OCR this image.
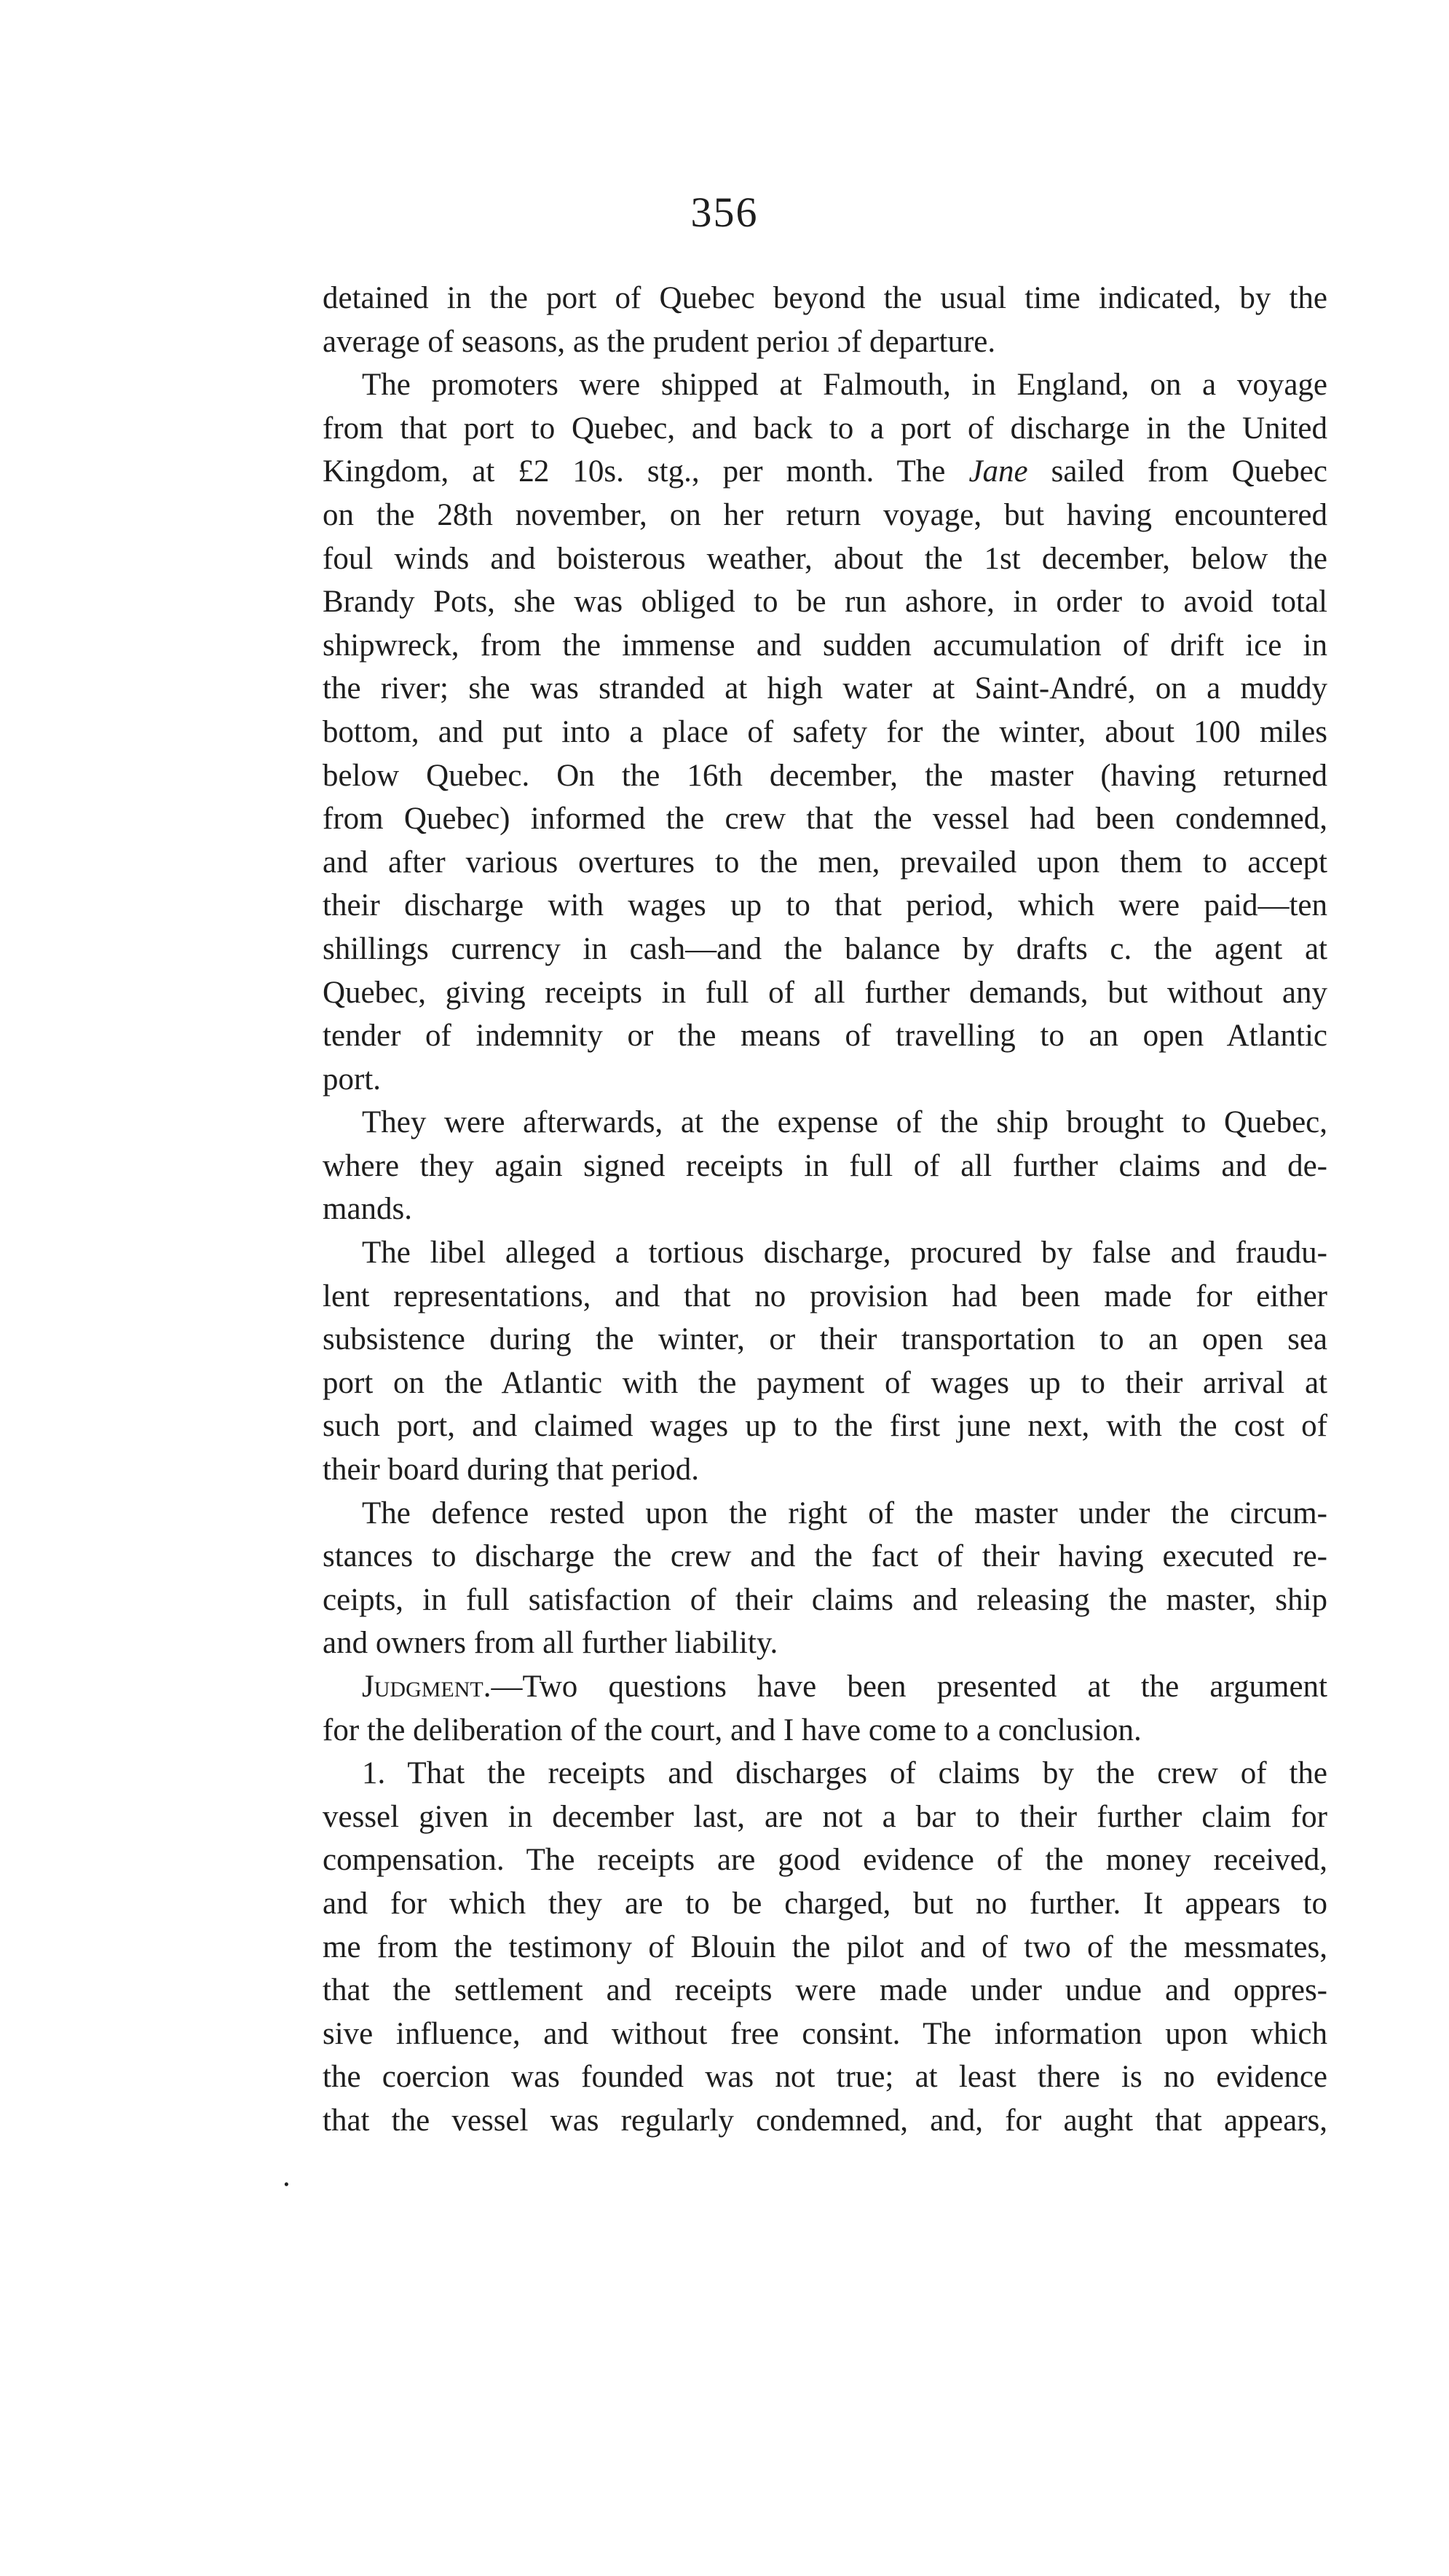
356
detained in the port of Quebec beyond the usual time indicated, by the
average of seasons, as the prudent perioı ɔf departure.
The promoters were shipped at Falmouth, in England, on a voyage
from that port to Quebec, and back to a port of discharge in the United
Kingdom, at £2 10s. stg., per month. The Jane sailed from Quebec
on the 28th november, on her return voyage, but having encountered
foul winds and boisterous weather, about the 1st december, below the
Brandy Pots, she was obliged to be run ashore, in order to avoid total
shipwreck, from the immense and sudden accumulation of drift ice in
the river; she was stranded at high water at Saint-André, on a muddy
bottom, and put into a place of safety for the winter, about 100 miles
below Quebec. On the 16th december, the master (having returned
from Quebec) informed the crew that the vessel had been condemned,
and after various overtures to the men, prevailed upon them to accept
their discharge with wages up to that period, which were paid—ten
shillings currency in cash—and the balance by drafts c. the agent at
Quebec, giving receipts in full of all further demands, but without any
tender of indemnity or the means of travelling to an open Atlantic
port.
They were afterwards, at the expense of the ship brought to Quebec,
where they again signed receipts in full of all further claims and de-
mands.
The libel alleged a tortious discharge, procured by false and fraudu-
lent representations, and that no provision had been made for either
subsistence during the winter, or their transportation to an open sea
port on the Atlantic with the payment of wages up to their arrival at
such port, and claimed wages up to the first june next, with the cost of
their board during that period.
The defence rested upon the right of the master under the circum-
stances to discharge the crew and the fact of their having executed re-
ceipts, in full satisfaction of their claims and releasing the master, ship
and owners from all further liability.
Judgment.—Two questions have been presented at the argument
for the deliberation of the court, and I have come to a conclusion.
1. That the receipts and discharges of claims by the crew of the
vessel given in december last, are not a bar to their further claim for
compensation. The receipts are good evidence of the money received,
and for which they are to be charged, but no further. It appears to
me from the testimony of Blouin the pilot and of two of the messmates,
that the settlement and receipts were made under undue and oppres-
sive influence, and without free consɨnt. The information upon which
the coercion was founded was not true; at least there is no evidence
that the vessel was regularly condemned, and, for aught that appears,
.
